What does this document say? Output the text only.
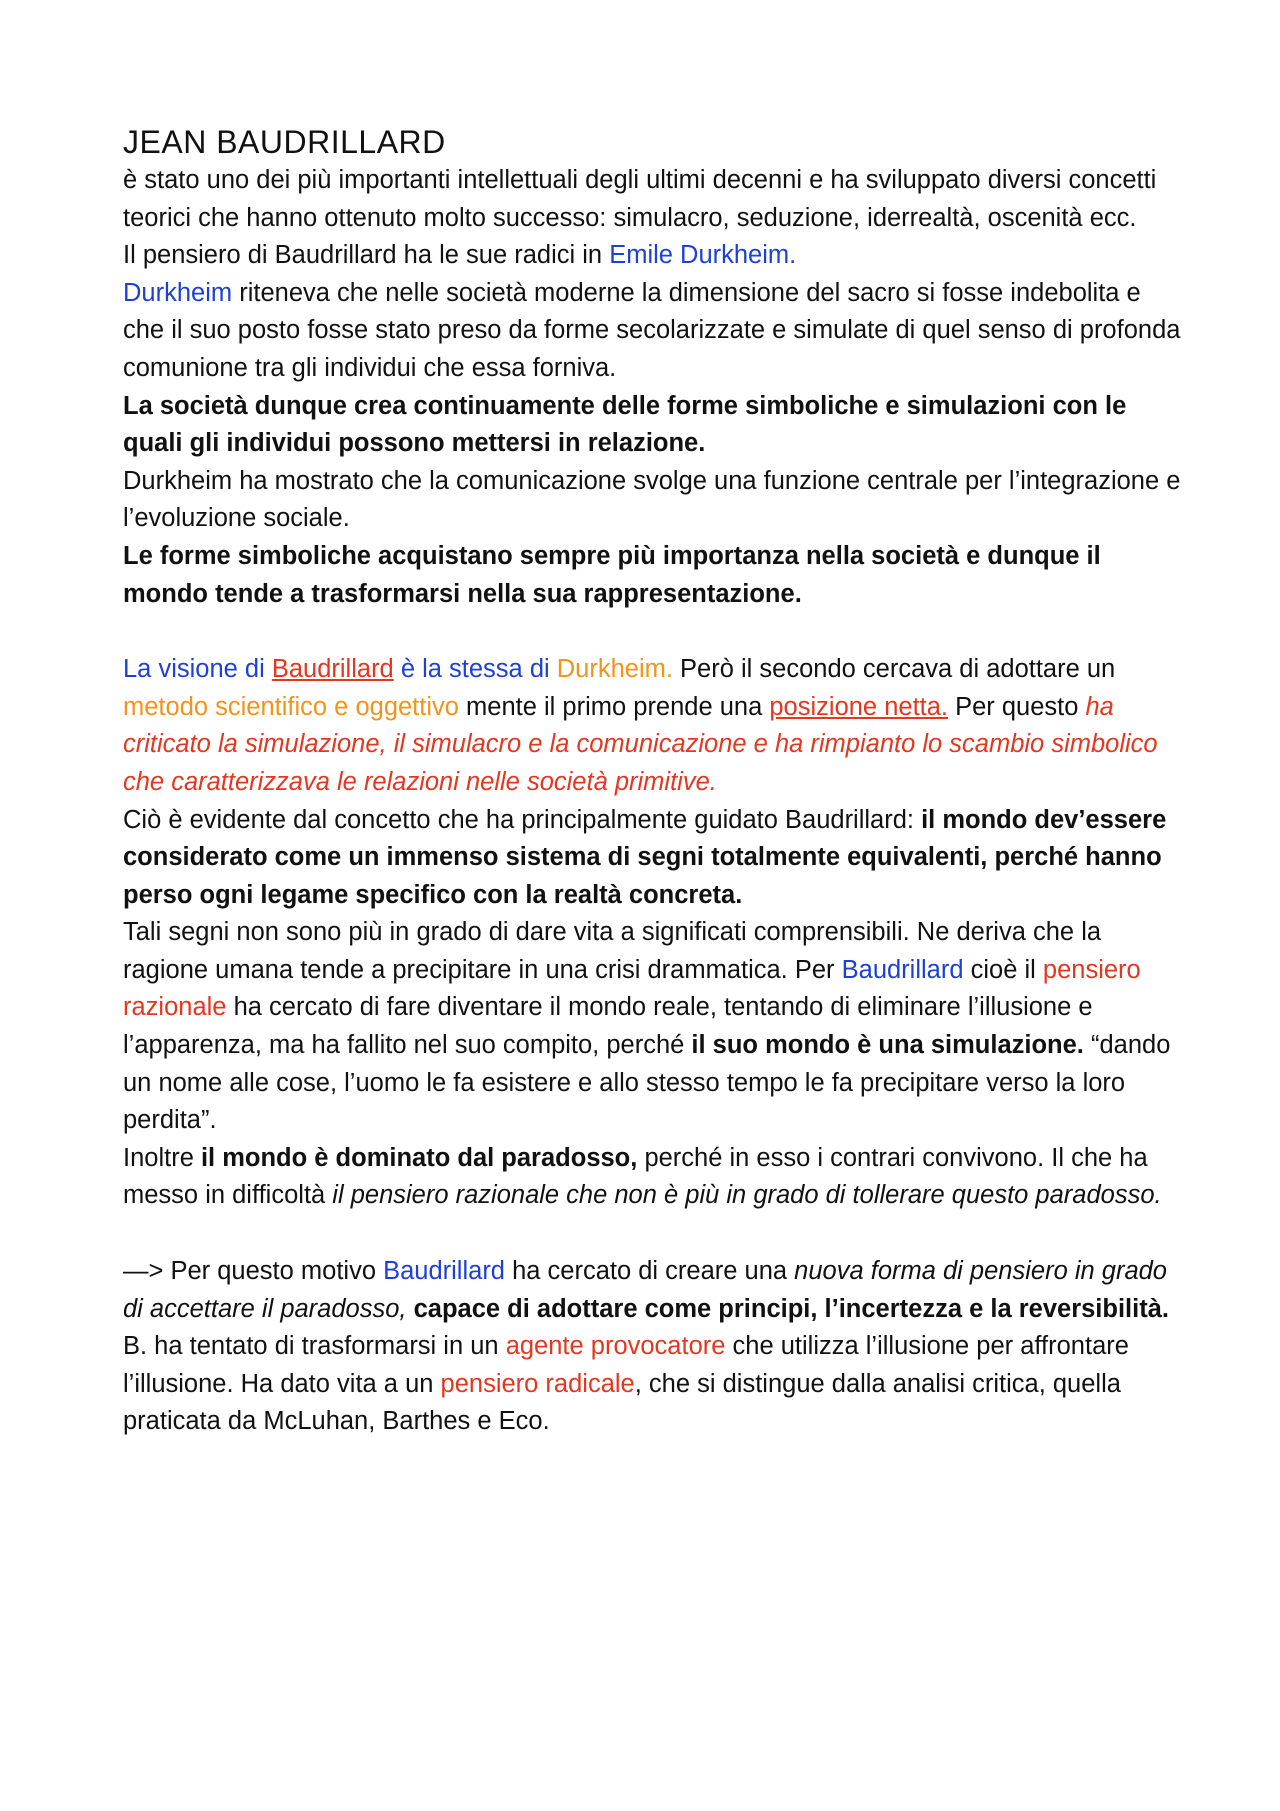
JEAN BAUDRILLARD

è stato uno dei più importanti intellettuali degli ultimi decenni e ha sviluppato diversi concetti teorici che hanno ottenuto molto successo: simulacro, seduzione, iderrealtà, oscenità ecc.

Il pensiero di Baudrillard ha le sue radici in Emile Durkheim.

Durkheim riteneva che nelle società moderne la dimensione del sacro si fosse indebolita e che il suo posto fosse stato preso da forme secolarizzate e simulate di quel senso di profonda comunione tra gli individui che essa forniva.

La società dunque crea continuamente delle forme simboliche e simulazioni con le quali gli individui possono mettersi in relazione.

Durkheim ha mostrato che la comunicazione svolge una funzione centrale per l’integrazione e l’evoluzione sociale.

Le forme simboliche acquistano sempre più importanza nella società e dunque il mondo tende a trasformarsi nella sua rappresentazione.

La visione di Baudrillard è la stessa di Durkheim. Però il secondo cercava di adottare un metodo scientifico e oggettivo mente il primo prende una posizione netta. Per questo ha criticato la simulazione, il simulacro e la comunicazione e ha rimpianto lo scambio simbolico che caratterizzava le relazioni nelle società primitive.

Ciò è evidente dal concetto che ha principalmente guidato Baudrillard: il mondo dev’essere considerato come un immenso sistema di segni totalmente equivalenti, perché hanno perso ogni legame specifico con la realtà concreta.

Tali segni non sono più in grado di dare vita a significati comprensibili. Ne deriva che la ragione umana tende a precipitare in una crisi drammatica. Per Baudrillard cioè il pensiero razionale ha cercato di fare diventare il mondo reale, tentando di eliminare l’illusione e l’apparenza, ma ha fallito nel suo compito, perché il suo mondo è una simulazione. “dando un nome alle cose, l’uomo le fa esistere e allo stesso tempo le fa precipitare verso la loro perdita”.

Inoltre il mondo è dominato dal paradosso, perché in esso i contrari convivono. Il che ha messo in difficoltà il pensiero razionale che non è più in grado di tollerare questo paradosso.

—> Per questo motivo Baudrillard ha cercato di creare una nuova forma di pensiero in grado di accettare il paradosso, capace di adottare come principi, l’incertezza e la reversibilità.

B. ha tentato di trasformarsi in un agente provocatore che utilizza l’illusione per affrontare l’illusione. Ha dato vita a un pensiero radicale, che si distingue dalla analisi critica, quella praticata da McLuhan, Barthes e Eco.
